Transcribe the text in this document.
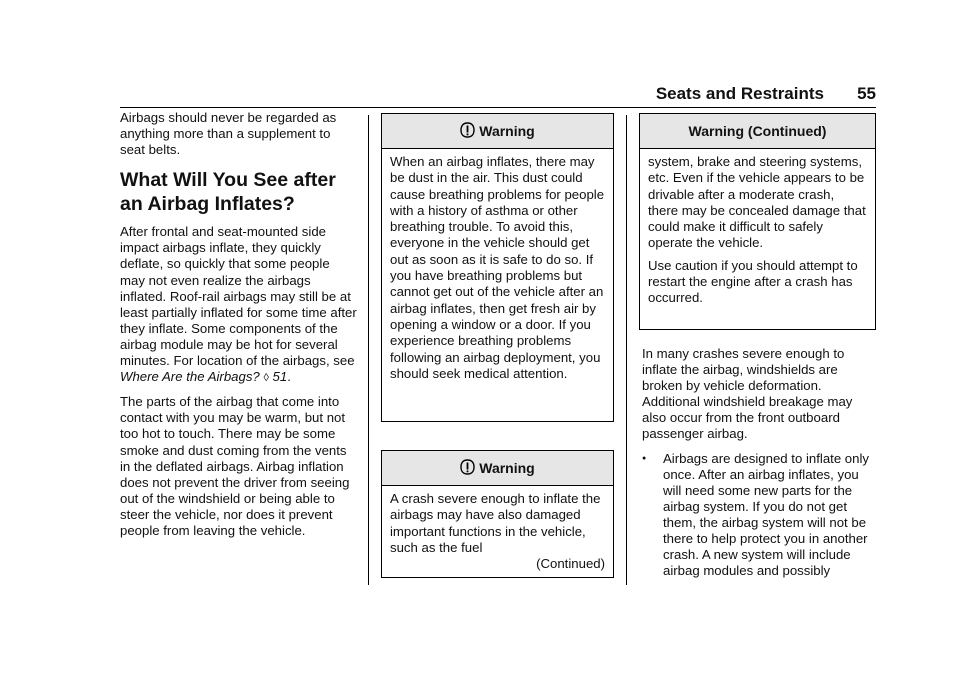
Seats and Restraints 55

Airbags should never be regarded as anything more than a supplement to seat belts.

What Will You See after an Airbag Inflates?

After frontal and seat-mounted side impact airbags inflate, they quickly deflate, so quickly that some people may not even realize the airbags inflated. Roof-rail airbags may still be at least partially inflated for some time after they inflate. Some components of the airbag module may be hot for several minutes. For location of the airbags, see Where Are the Airbags? ◊ 51.

The parts of the airbag that come into contact with you may be warm, but not too hot to touch. There may be some smoke and dust coming from the vents in the deflated airbags. Airbag inflation does not prevent the driver from seeing out of the windshield or being able to steer the vehicle, nor does it prevent people from leaving the vehicle.

Warning

When an airbag inflates, there may be dust in the air. This dust could cause breathing problems for people with a history of asthma or other breathing trouble. To avoid this, everyone in the vehicle should get out as soon as it is safe to do so. If you have breathing problems but cannot get out of the vehicle after an airbag inflates, then get fresh air by opening a window or a door. If you experience breathing problems following an airbag deployment, you should seek medical attention.

Warning

A crash severe enough to inflate the airbags may have also damaged important functions in the vehicle, such as the fuel

(Continued)
Warning (Continued)

system, brake and steering systems, etc. Even if the vehicle appears to be drivable after a moderate crash, there may be concealed damage that could make it difficult to safely operate the vehicle.

Use caution if you should attempt to restart the engine after a crash has occurred.

In many crashes severe enough to inflate the airbag, windshields are broken by vehicle deformation. Additional windshield breakage may also occur from the front outboard passenger airbag.

●	Airbags are designed to inflate only once. After an airbag inflates, you will need some new parts for the airbag system. If you do not get them, the airbag system will not be there to help protect you in another crash. A new system will include airbag modules and possibly
